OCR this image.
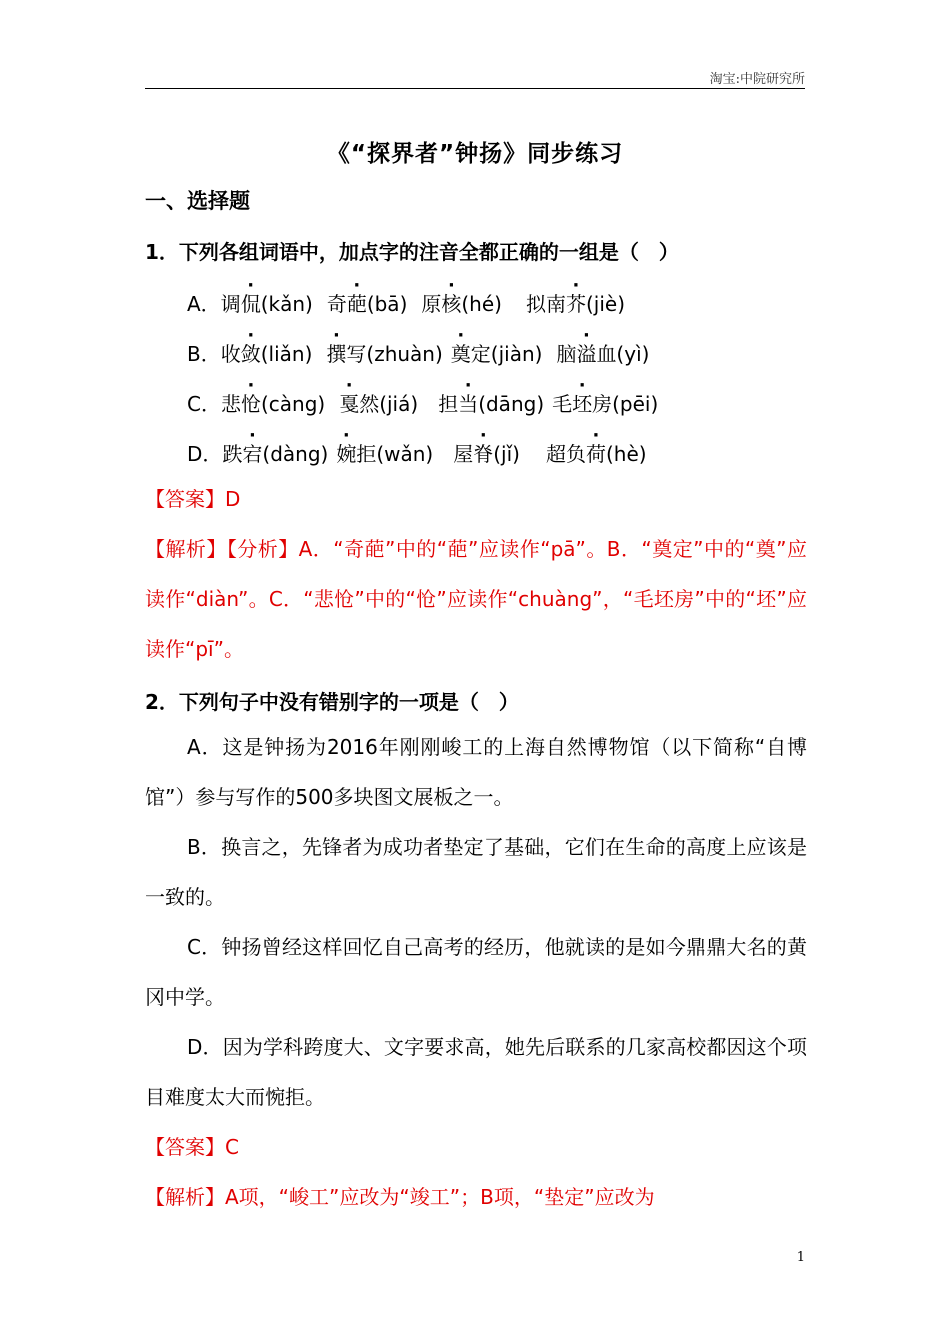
淘宝:中院研究所
《“探界者”钟扬》同步练习
一、选择题
1．下列各组词语中，加点字的注音全都正确的一组是（　）
A．调侃(kǎn) 奇葩(bā) 原核(hé) 拟南芥(jiè)
B．收敛(liǎn) 撰写(zhuàn) 奠定(jiàn) 脑溢血(yì)
C．悲怆(càng) 戛然(jiá) 担当(dāng) 毛坯房(pēi)
D．跌宕(dàng) 婉拒(wǎn) 屋脊(jǐ) 超负荷(hè)
【答案】D
【解析】【分析】A．“奇葩”中的“葩”应读作“pā”。B．“奠定”中的“奠”应读作“diàn”。C．“悲怆”中的“怆”应读作“chuàng”，“毛坯房”中的“坯”应读作“pī”。
2．下列句子中没有错别字的一项是（　）
A．这是钟扬为2016年刚刚峻工的上海自然博物馆（以下简称“自博馆”）参与写作的500多块图文展板之一。
B．换言之，先锋者为成功者垫定了基础，它们在生命的高度上应该是一致的。
C．钟扬曾经这样回忆自己高考的经历，他就读的是如今鼎鼎大名的黄冈中学。
D．因为学科跨度大、文字要求高，她先后联系的几家高校都因这个项目难度太大而惋拒。
【答案】C
【解析】A项，“峻工”应改为“竣工”；B项，“垫定”应改为
1
